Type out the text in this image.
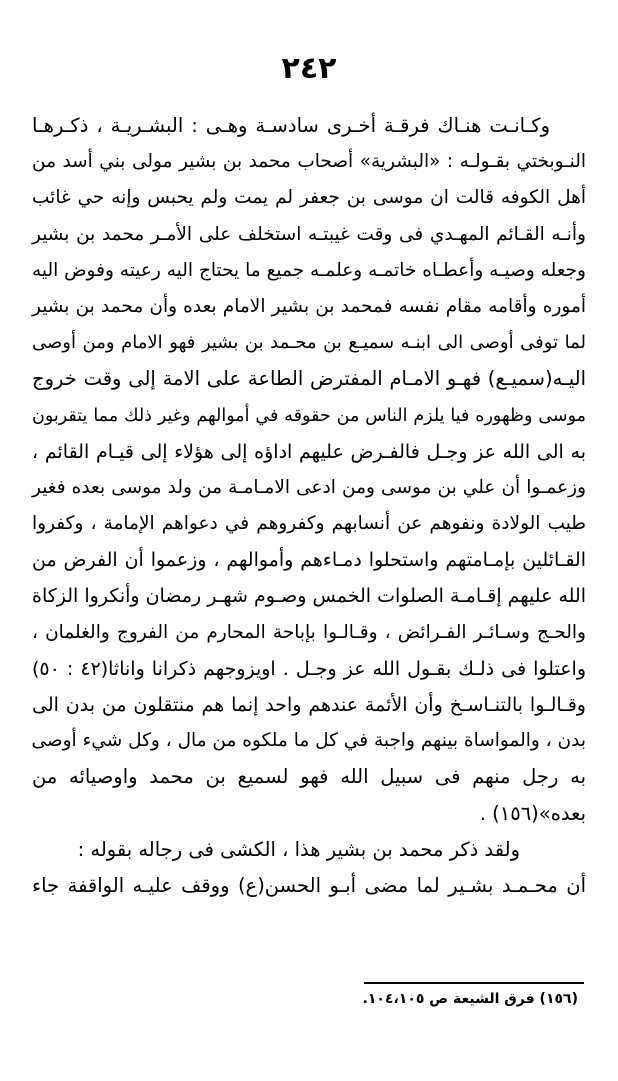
٢٤٢
وكـانـت هنـاك فرقـة أخـرى سادسـة وهـى : البشـريـة ، ذكـرهـا
النـوبختي بقـولـه : «البشرية» أصحاب محمد بن بشير مولى بني أسد من
أهل الكوفه قالت ان موسى بن جعفر لم يمت ولم يحبس وإنه حي غائب
وأنـه القـائم المهـدي فى وقت غيبتـه استخلف على الأمـر محمد بن بشير
وجعله وصيـه وأعطـاه خاتمـه وعلمـه جميع ما يحتاج اليه رعيته وفوض اليه
أموره وأقامه مقام نفسه فمحمد بن بشير الامام بعده وأن محمد بن بشير
لما توفى أوصى الى ابنـه سميـع بن محـمد بن بشير فهو الامام ومن أوصى
اليـه(سميـع) فهـو الامـام المفترض الطاعة على الامة إلى وقت خروج
موسى وظهوره فيا يلزم الناس من حقوقه في أموالهم وغير ذلك مما يتقربون
به الى الله عز وجـل فالفـرض عليهم اداؤه إلى هؤلاء إلى قيـام القائم ،
وزعمـوا أن علي بن موسى ومن ادعى الامـامـة من ولد موسى بعده فغير
طيب الولادة ونفوهم عن أنسابهم وكفروهم في دعواهم الإمامة ، وكفروا
القـائلين بإمـامتهم واستحلوا دمـاءهم وأموالهم ، وزعموا أن الفرض من
الله عليهم إقـامـة الصلوات الخمس وصـوم شهـر رمضان وأنكروا الزكاة
والحـج وسـائـر الفـرائض ، وقـالـوا بإباحة المحارم من الفروج والغلمان ،
واعتلوا فى ذلـك بقـول الله عز وجـل . اويزوجهم ذكرانا واناثا(٤٢ : ٥٠)
وقـالـوا بالتنـاسـخ وأن الأئمة عندهم واحد إنما هم منتقلون من بدن الى
بدن ، والمواساة بينهم واجبة في كل ما ملكوه من مال ، وكل شيء أوصى
به رجل منهم فى سبيل الله فهو لسميع بن محمد واوصيائه من
بعده»(١٥٦) .
ولقد ذكر محمد بن بشير هذا ، الكشى فى رجاله بقوله :
أن محـمـد بشـير لما مضى أبـو الحسن(ع) ووقف عليـه الواقفة جاء
(١٥٦) فرق الشيعة ص ١٠٤،١٠٥.
